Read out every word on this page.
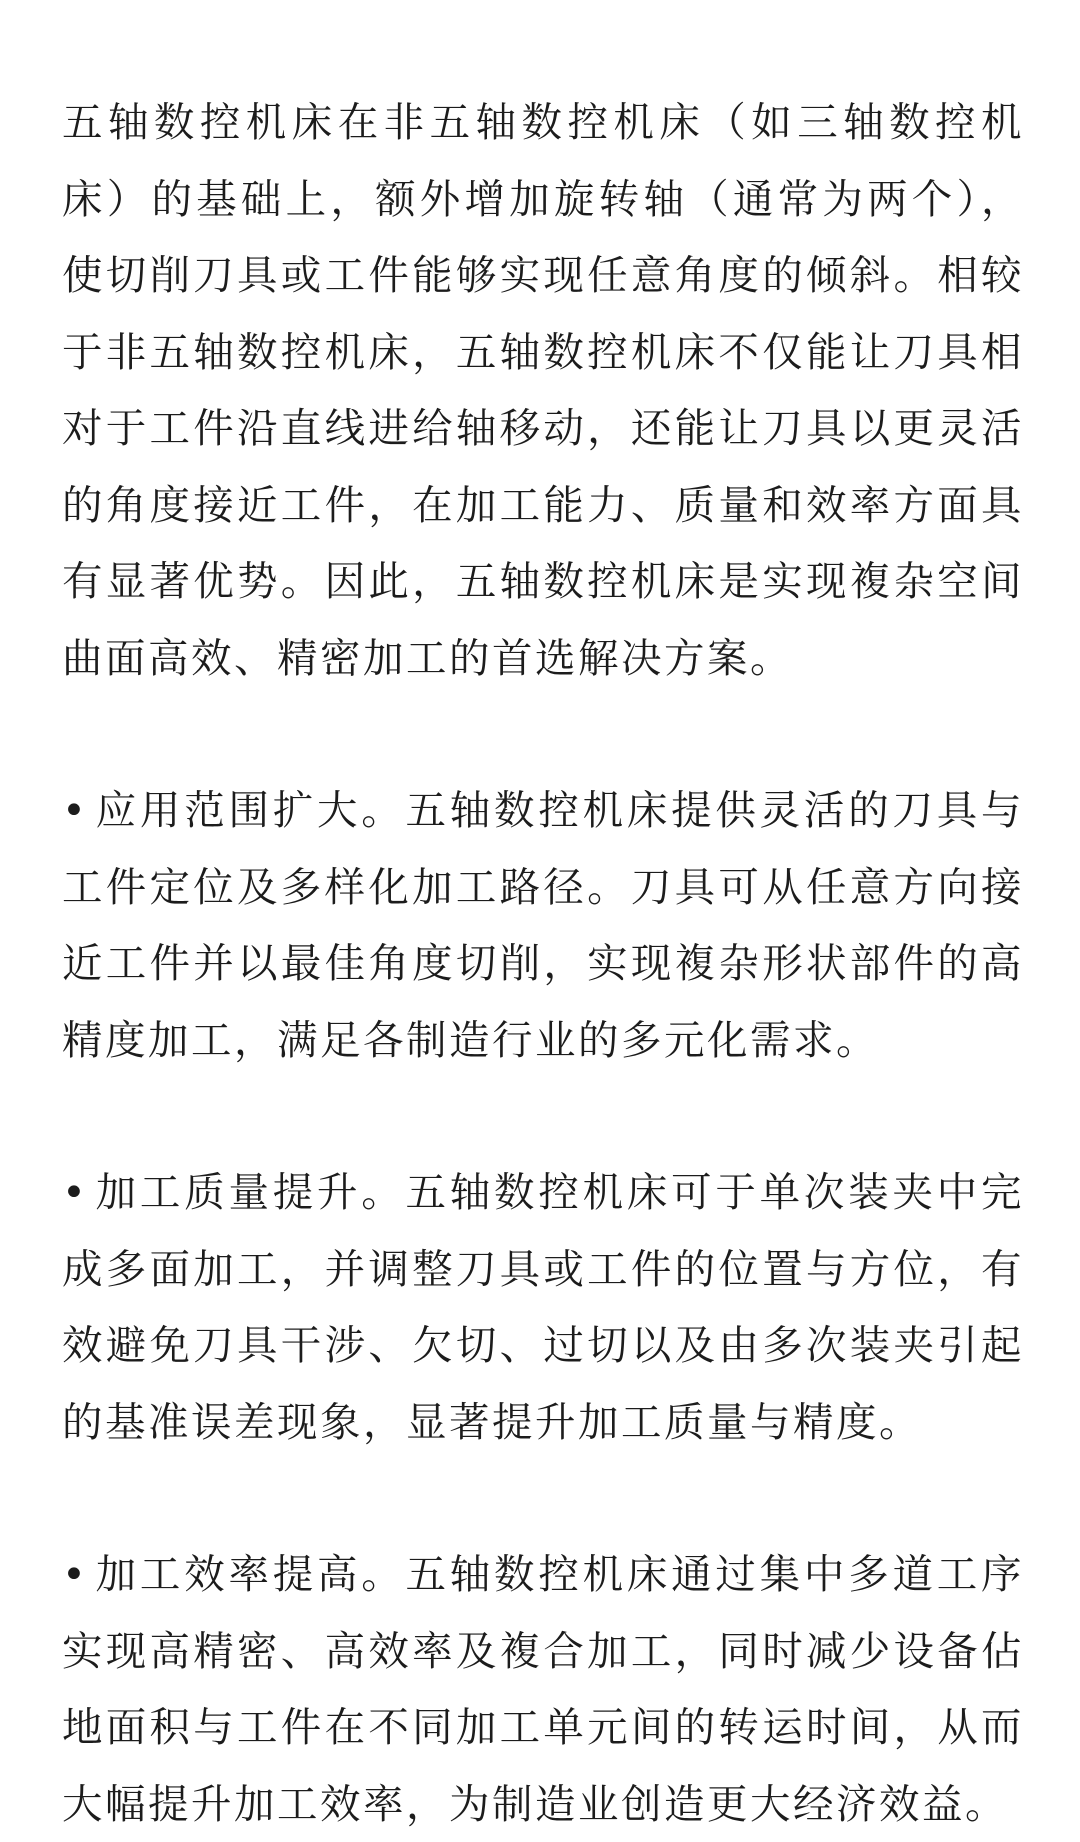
五轴数控机床在非五轴数控机床（如三轴数控机床）的基础上，额外增加旋转轴（通常为两个），使切削刀具或工件能够实现任意角度的倾斜。相较于非五轴数控机床，五轴数控机床不仅能让刀具相对于工件沿直线进给轴移动，还能让刀具以更灵活的角度接近工件，在加工能力、质量和效率方面具有显著优势。因此，五轴数控机床是实现複杂空间曲面高效、精密加工的首选解决方案。

• 应用范围扩大。五轴数控机床提供灵活的刀具与工件定位及多样化加工路径。刀具可从任意方向接近工件并以最佳角度切削，实现複杂形状部件的高精度加工，满足各制造行业的多元化需求。

• 加工质量提升。五轴数控机床可于单次装夹中完成多面加工，并调整刀具或工件的位置与方位，有效避免刀具干涉、欠切、过切以及由多次装夹引起的基准误差现象，显著提升加工质量与精度。

• 加工效率提高。五轴数控机床通过集中多道工序实现高精密、高效率及複合加工，同时减少设备佔地面积与工件在不同加工单元间的转运时间，从而大幅提升加工效率，为制造业创造更大经济效益。
